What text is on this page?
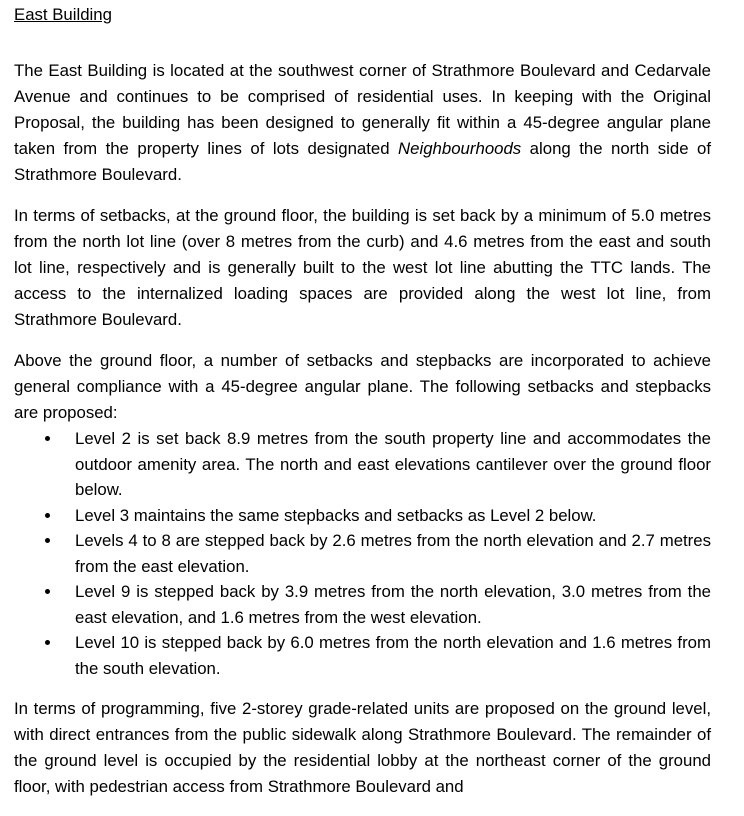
East Building

The East Building is located at the southwest corner of Strathmore Boulevard and Cedarvale Avenue and continues to be comprised of residential uses. In keeping with the Original Proposal, the building has been designed to generally fit within a 45-degree angular plane taken from the property lines of lots designated Neighbourhoods along the north side of Strathmore Boulevard.

In terms of setbacks, at the ground floor, the building is set back by a minimum of 5.0 metres from the north lot line (over 8 metres from the curb) and 4.6 metres from the east and south lot line, respectively and is generally built to the west lot line abutting the TTC lands. The access to the internalized loading spaces are provided along the west lot line, from Strathmore Boulevard.

Above the ground floor, a number of setbacks and stepbacks are incorporated to achieve general compliance with a 45-degree angular plane. The following setbacks and stepbacks are proposed:

Level 2 is set back 8.9 metres from the south property line and accommodates the outdoor amenity area. The north and east elevations cantilever over the ground floor below.
Level 3 maintains the same stepbacks and setbacks as Level 2 below.
Levels 4 to 8 are stepped back by 2.6 metres from the north elevation and 2.7 metres from the east elevation.
Level 9 is stepped back by 3.9 metres from the north elevation, 3.0 metres from the east elevation, and 1.6 metres from the west elevation.
Level 10 is stepped back by 6.0 metres from the north elevation and 1.6 metres from the south elevation.

In terms of programming, five 2-storey grade-related units are proposed on the ground level, with direct entrances from the public sidewalk along Strathmore Boulevard. The remainder of the ground level is occupied by the residential lobby at the northeast corner of the ground floor, with pedestrian access from Strathmore Boulevard and
